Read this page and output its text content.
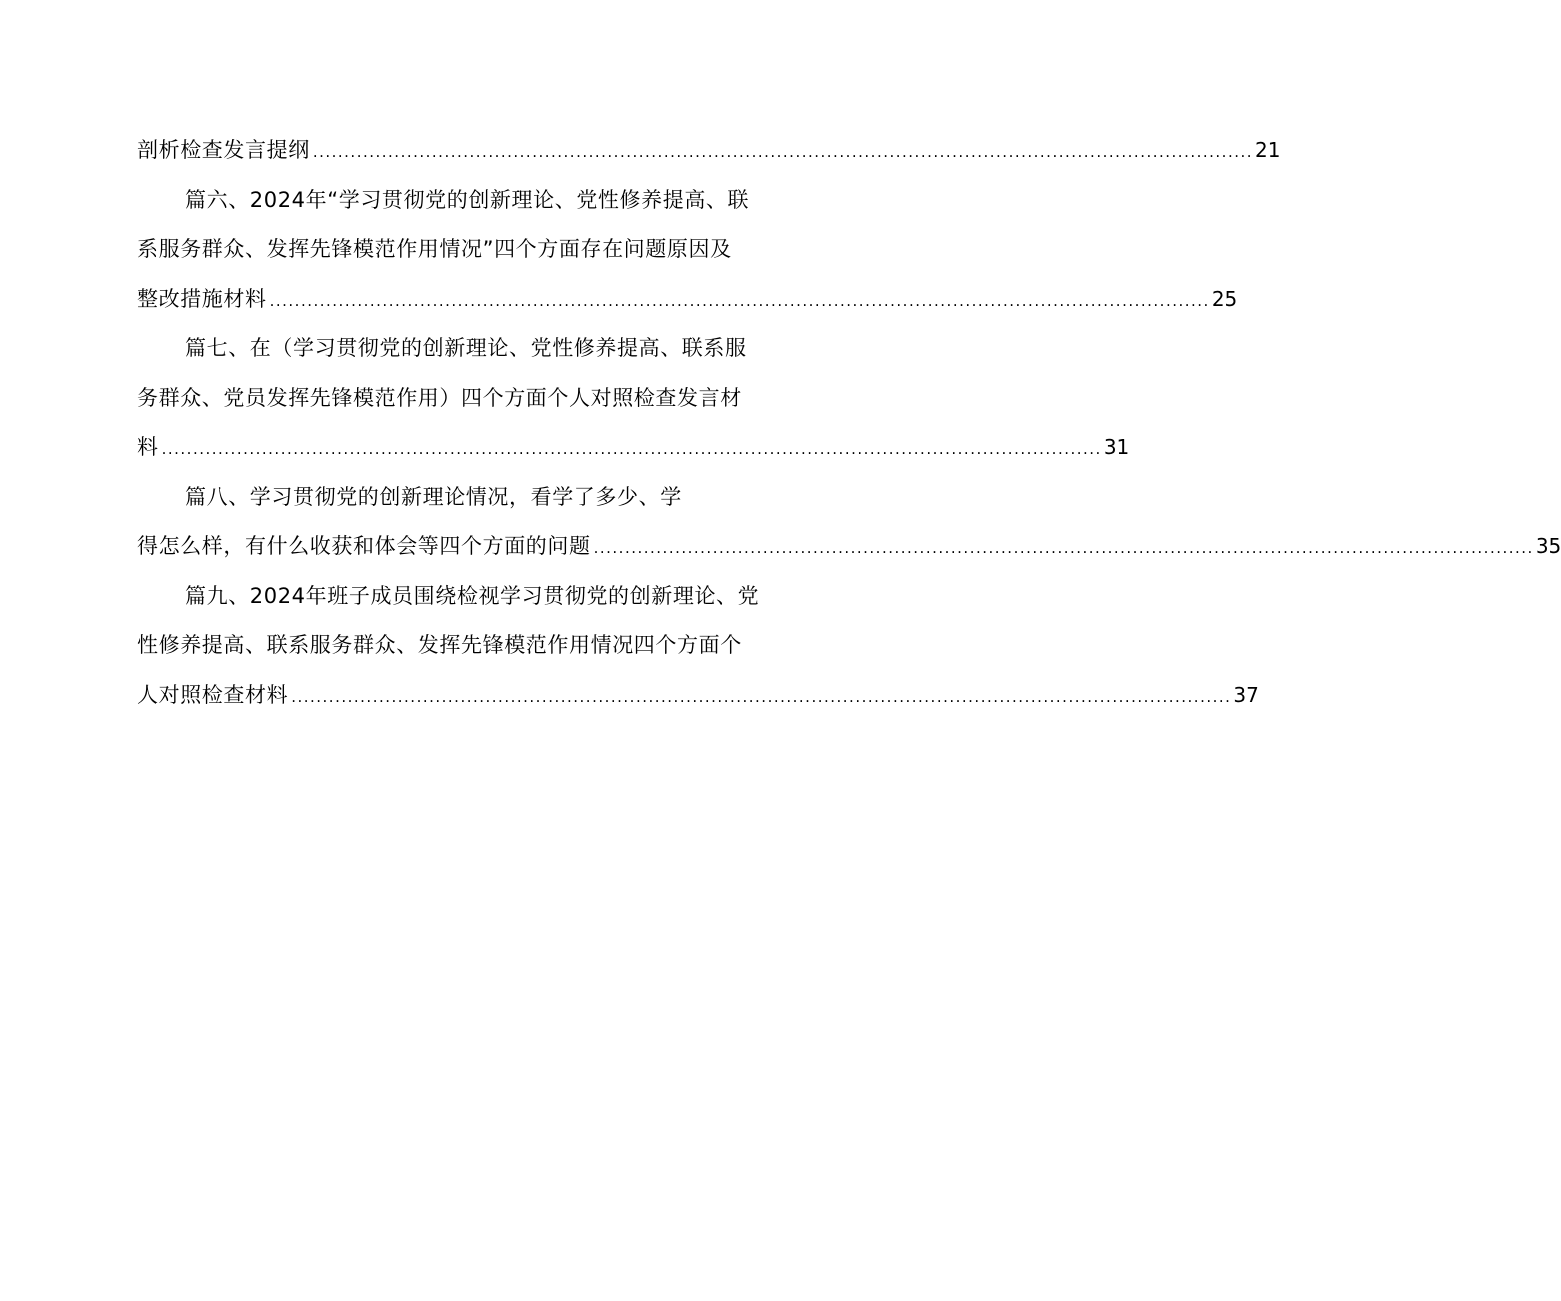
剖析检查发言提纲 ...................................................................................................................................................... 21
篇六、2024年“学习贯彻党的创新理论、党性修养提高、联
系服务群众、发挥先锋模范作用情况”四个方面存在问题原因及
整改措施材料 ...................................................................................................................................................... 25
篇七、在（学习贯彻党的创新理论、党性修养提高、联系服
务群众、党员发挥先锋模范作用）四个方面个人对照检查发言材
料 ...................................................................................................................................................... 31
篇八、学习贯彻党的创新理论情况，看学了多少、学
得怎么样，有什么收获和体会等四个方面的问题 ...................................................................................................................................................... 35
篇九、2024年班子成员围绕检视学习贯彻党的创新理论、党
性修养提高、联系服务群众、发挥先锋模范作用情况四个方面个
人对照检查材料 ...................................................................................................................................................... 37
